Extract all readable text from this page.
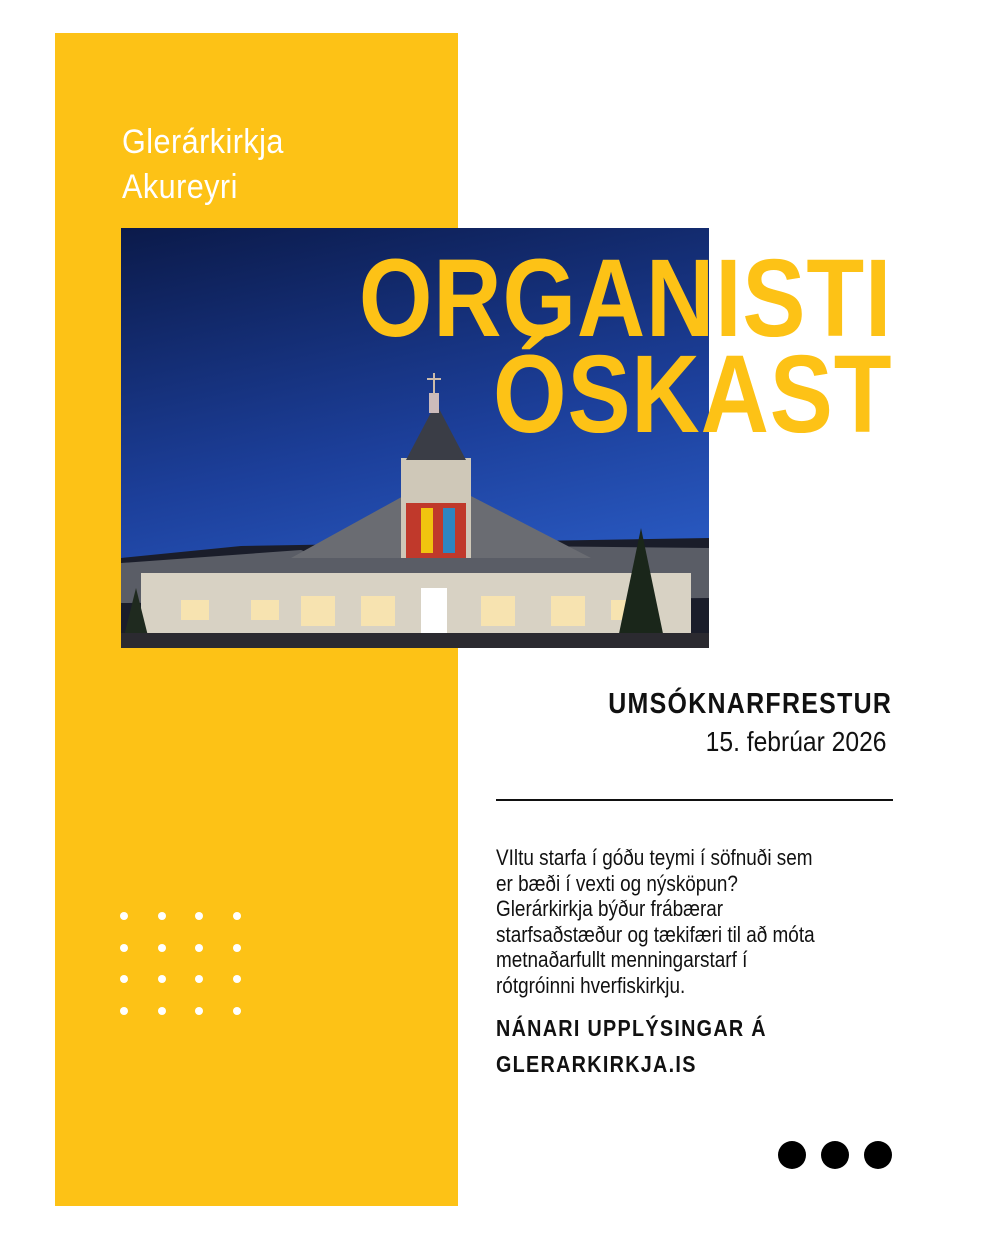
Glerárkirkja
Akureyri
ORGANISTI
ÓSKAST
UMSÓKNARFRESTUR
15. febrúar 2026
VIltu starfa í góðu teymi í söfnuði sem
er bæði í vexti og nýsköpun?
Glerárkirkja býður frábærar
starfsaðstæður og tækifæri til að móta
metnaðarfullt menningarstarf í
rótgróinni hverfiskirkju.
NÁNARI UPPLÝSINGAR Á
GLERARKIRKJA.IS
